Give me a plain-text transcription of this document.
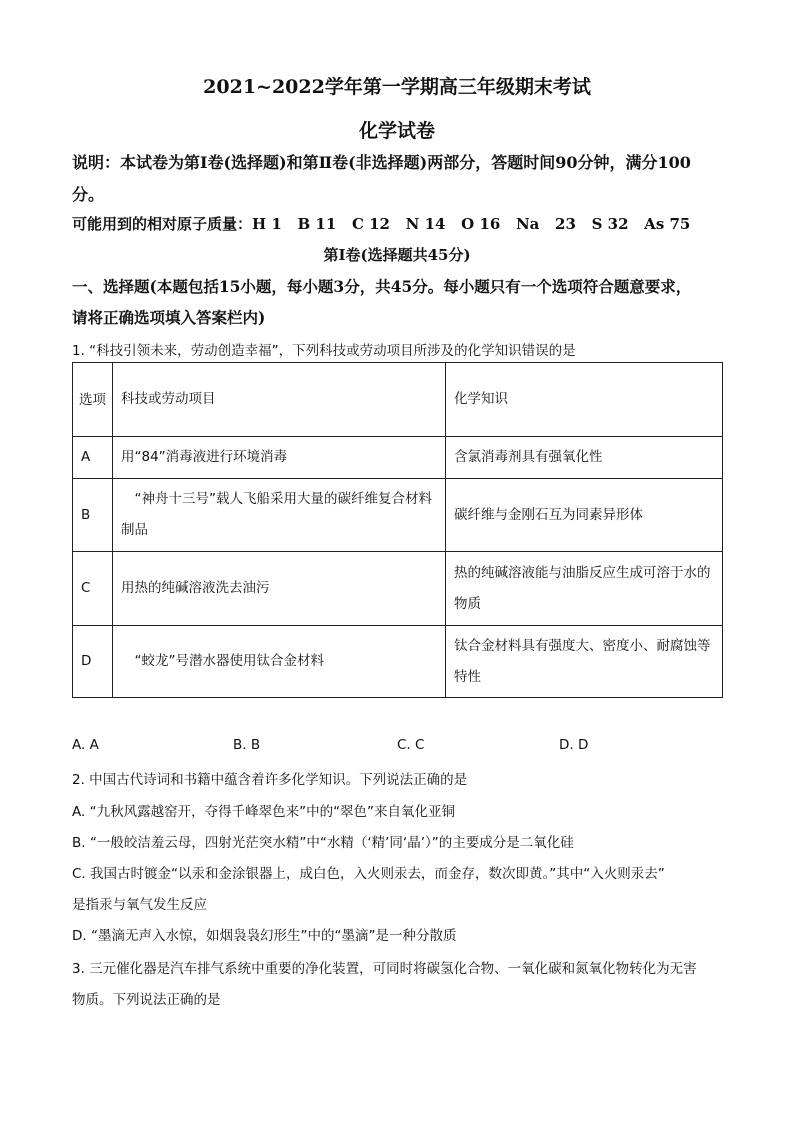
2021~2022学年第一学期高三年级期末考试
化学试卷
说明：本试卷为第Ⅰ卷(选择题)和第Ⅱ卷(非选择题)两部分，答题时间90分钟，满分100
分。
可能用到的相对原子质量：H 1   B 11   C 12   N 14   O 16   Na   23   S 32   As 75
第Ⅰ卷(选择题共45分)
一、选择题(本题包括15小题，每小题3分，共45分。每小题只有一个选项符合题意要求，
请将正确选项填入答案栏内)
1. “科技引领未来，劳动创造幸福”，下列科技或劳动项目所涉及的化学知识错误的是
选项	科技或劳动项目	化学知识
A	用“84”消毒液进行环境消毒	含氯消毒剂具有强氧化性
B	“神舟十三号”载人飞船采用大量的碳纤维复合材料制品	碳纤维与金刚石互为同素异形体
C	用热的纯碱溶液洗去油污	热的纯碱溶液能与油脂反应生成可溶于水的物质
D	“蛟龙”号潜水器使用钛合金材料	钛合金材料具有强度大、密度小、耐腐蚀等特性
A. A	B. B	C. C	D. D
2. 中国古代诗词和书籍中蕴含着许多化学知识。下列说法正确的是
A. “九秋风露越窑开，夺得千峰翠色来”中的“翠色”来自氧化亚铜
B. “一般皎洁羞云母，四射光茫突水精”中“水精（‘精’同‘晶’）”的主要成分是二氧化硅
C. 我国古时镀金“以汞和金涂银器上，成白色，入火则汞去，而金存，数次即黄。”其中“入火则汞去”
是指汞与氧气发生反应
D. “墨滴无声入水惊，如烟袅袅幻形生”中的“墨滴”是一种分散质
3. 三元催化器是汽车排气系统中重要的净化装置，可同时将碳氢化合物、一氧化碳和氮氧化物转化为无害
物质。下列说法正确的是
